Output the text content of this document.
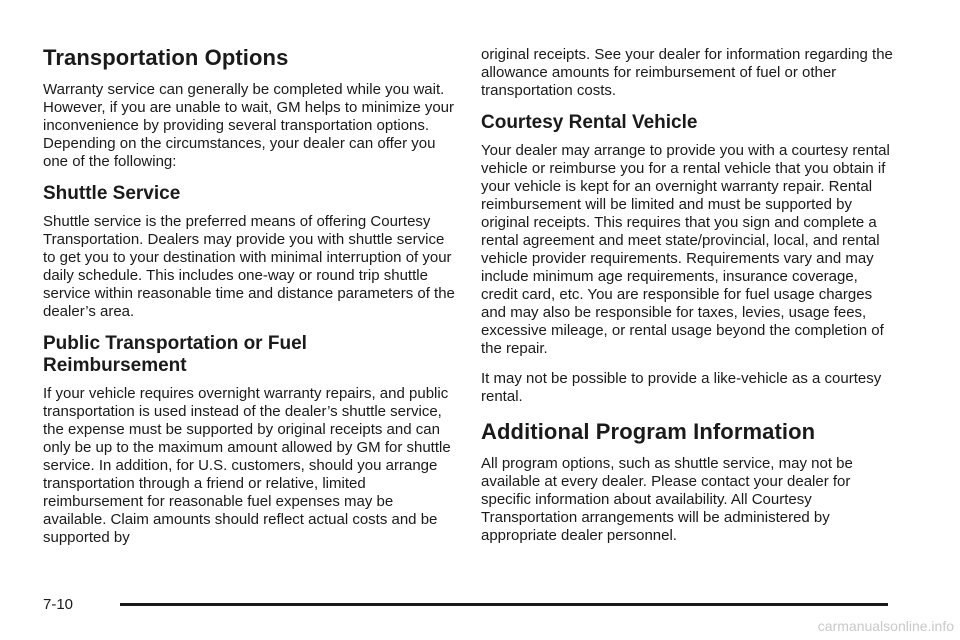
Transportation Options

Warranty service can generally be completed while you wait. However, if you are unable to wait, GM helps to minimize your inconvenience by providing several transportation options. Depending on the circumstances, your dealer can offer you one of the following:

Shuttle Service

Shuttle service is the preferred means of offering Courtesy Transportation. Dealers may provide you with shuttle service to get you to your destination with minimal interruption of your daily schedule. This includes one-way or round trip shuttle service within reasonable time and distance parameters of the dealer’s area.

Public Transportation or Fuel Reimbursement

If your vehicle requires overnight warranty repairs, and public transportation is used instead of the dealer’s shuttle service, the expense must be supported by original receipts and can only be up to the maximum amount allowed by GM for shuttle service. In addition, for U.S. customers, should you arrange transportation through a friend or relative, limited reimbursement for reasonable fuel expenses may be available. Claim amounts should reflect actual costs and be supported by

original receipts. See your dealer for information regarding the allowance amounts for reimbursement of fuel or other transportation costs.

Courtesy Rental Vehicle

Your dealer may arrange to provide you with a courtesy rental vehicle or reimburse you for a rental vehicle that you obtain if your vehicle is kept for an overnight warranty repair. Rental reimbursement will be limited and must be supported by original receipts. This requires that you sign and complete a rental agreement and meet state/provincial, local, and rental vehicle provider requirements. Requirements vary and may include minimum age requirements, insurance coverage, credit card, etc. You are responsible for fuel usage charges and may also be responsible for taxes, levies, usage fees, excessive mileage, or rental usage beyond the completion of the repair.

It may not be possible to provide a like-vehicle as a courtesy rental.

Additional Program Information

All program options, such as shuttle service, may not be available at every dealer. Please contact your dealer for specific information about availability. All Courtesy Transportation arrangements will be administered by appropriate dealer personnel.

7-10
carmanualsonline.info
